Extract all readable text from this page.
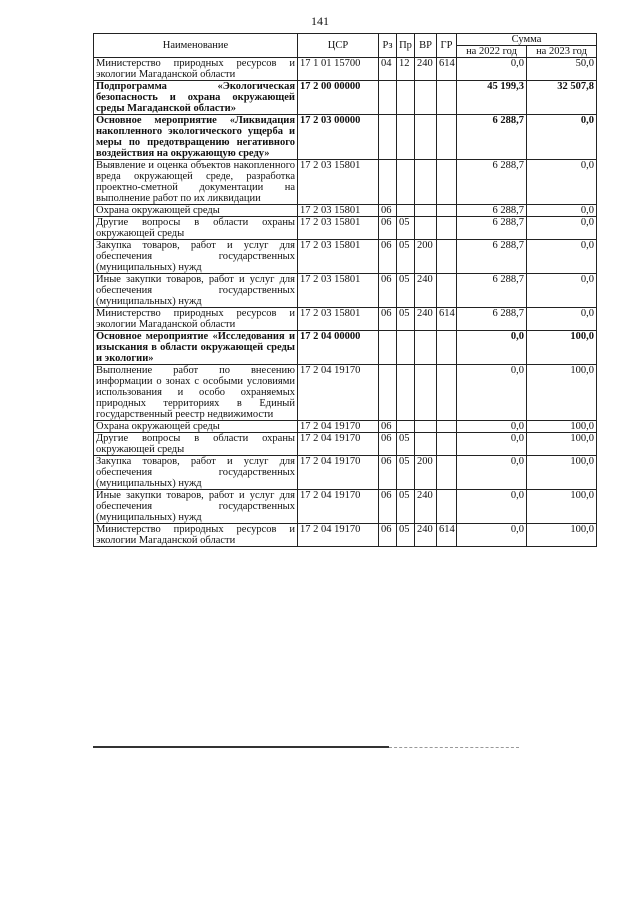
141
Наименование	ЦСР	Рз	Пр	ВР	ГР	Сумма	
						на 2022 год	на 2023 год
Министерство природных ресурсов и экологии Магаданской области	17 1 01 15700	04	12	240	614	0,0	50,0
Подпрограмма «Экологическая безопасность и охрана окружающей среды Магаданской области»	17 2 00 00000					45 199,3	32 507,8
Основное мероприятие «Ликвидация накопленного экологического ущерба и меры по предотвращению негативного воздействия на окружающую среду»	17 2 03 00000					6 288,7	0,0
Выявление и оценка объектов накопленного вреда окружающей среде, разработка проектно-сметной документации на выполнение работ по их ликвидации	17 2 03 15801					6 288,7	0,0
Охрана окружающей среды	17 2 03 15801	06				6 288,7	0,0
Другие вопросы в области охраны окружающей среды	17 2 03 15801	06	05			6 288,7	0,0
Закупка товаров, работ и услуг для обеспечения государственных (муниципальных) нужд	17 2 03 15801	06	05	200		6 288,7	0,0
Иные закупки товаров, работ и услуг для обеспечения государственных (муниципальных) нужд	17 2 03 15801	06	05	240		6 288,7	0,0
Министерство природных ресурсов и экологии Магаданской области	17 2 03 15801	06	05	240	614	6 288,7	0,0
Основное мероприятие «Исследования и изыскания в области окружающей среды и экологии»	17 2 04 00000					0,0	100,0
Выполнение работ по внесению информации о зонах с особыми условиями использования и особо охраняемых природных территориях в Единый государственный реестр недвижимости	17 2 04 19170					0,0	100,0
Охрана окружающей среды	17 2 04 19170	06				0,0	100,0
Другие вопросы в области охраны окружающей среды	17 2 04 19170	06	05			0,0	100,0
Закупка товаров, работ и услуг для обеспечения государственных (муниципальных) нужд	17 2 04 19170	06	05	200		0,0	100,0
Иные закупки товаров, работ и услуг для обеспечения государственных (муниципальных) нужд	17 2 04 19170	06	05	240		0,0	100,0
Министерство природных ресурсов и экологии Магаданской области	17 2 04 19170	06	05	240	614	0,0	100,0
